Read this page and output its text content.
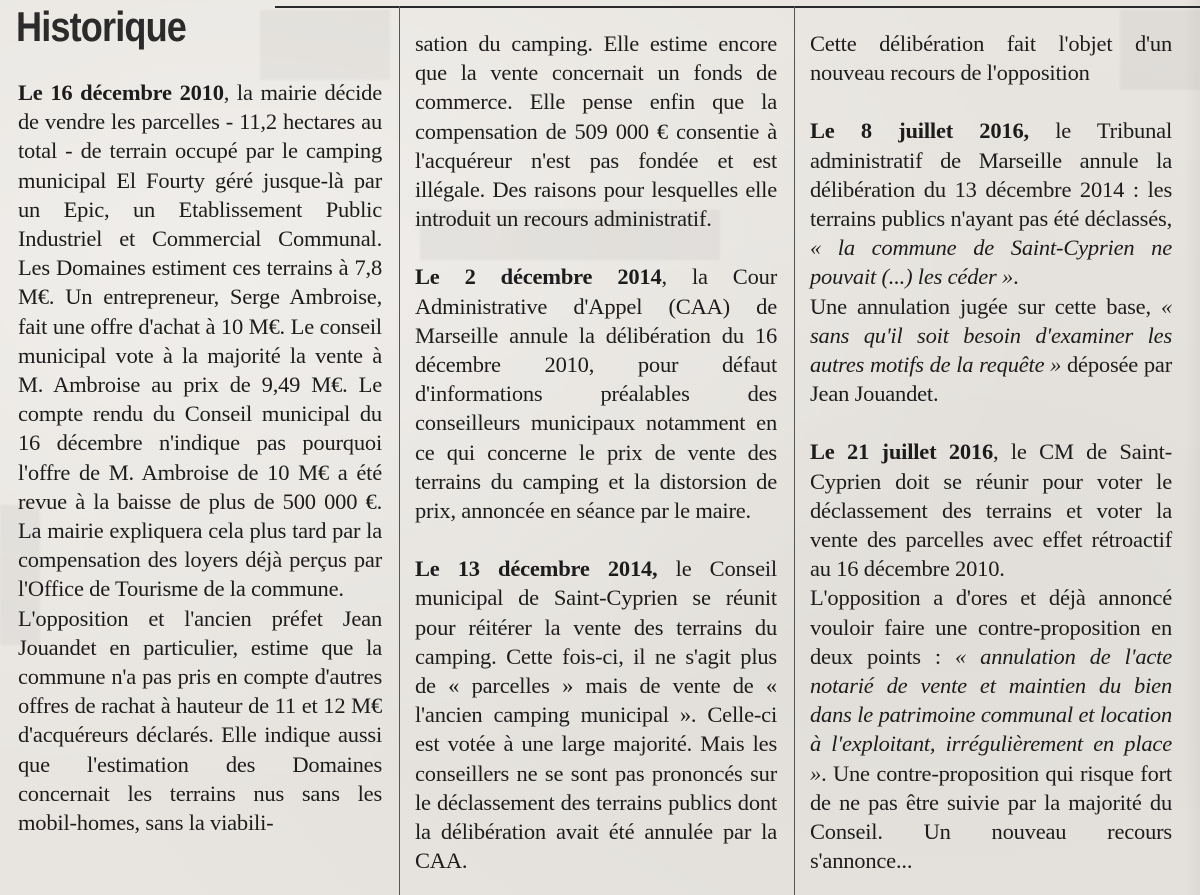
Historique

Le 16 décembre 2010, la mairie décide de vendre les parcelles - 11,2 hectares au total - de terrain occupé par le camping municipal El Fourty géré jusque-là par un Epic, un Etablissement Public Industriel et Commercial Communal. Les Domaines estiment ces terrains à 7,8 M€. Un entrepreneur, Serge Ambroise, fait une offre d'achat à 10 M€. Le conseil municipal vote à la majorité la vente à M. Ambroise au prix de 9,49 M€. Le compte rendu du Conseil municipal du 16 décembre n'indique pas pourquoi l'offre de M. Ambroise de 10 M€ a été revue à la baisse de plus de 500 000 €. La mairie expliquera cela plus tard par la compensation des loyers déjà perçus par l'Office de Tourisme de la commune.

L'opposition et l'ancien préfet Jean Jouandet en particulier, estime que la commune n'a pas pris en compte d'autres offres de rachat à hauteur de 11 et 12 M€ d'acquéreurs déclarés. Elle indique aussi que l'estimation des Domaines concernait les terrains nus sans les mobil-homes, sans la viabili-

sation du camping. Elle estime encore que la vente concernait un fonds de commerce. Elle pense enfin que la compensation de 509 000 € consentie à l'acquéreur n'est pas fondée et est illégale. Des raisons pour lesquelles elle introduit un recours administratif.

Le 2 décembre 2014, la Cour Administrative d'Appel (CAA) de Marseille annule la délibération du 16 décembre 2010, pour défaut d'informations préalables des conseilleurs municipaux notamment en ce qui concerne le prix de vente des terrains du camping et la distorsion de prix, annoncée en séance par le maire.

Le 13 décembre 2014, le Conseil municipal de Saint-Cyprien se réunit pour réitérer la vente des terrains du camping. Cette fois-ci, il ne s'agit plus de « parcelles » mais de vente de « l'ancien camping municipal ». Celle-ci est votée à une large majorité. Mais les conseillers ne se sont pas prononcés sur le déclassement des terrains publics dont la délibération avait été annulée par la CAA.

Cette délibération fait l'objet d'un nouveau recours de l'opposition

Le 8 juillet 2016, le Tribunal administratif de Marseille annule la délibération du 13 décembre 2014 : les terrains publics n'ayant pas été déclassés, « la commune de Saint-Cyprien ne pouvait (...) les céder ».

Une annulation jugée sur cette base, « sans qu'il soit besoin d'examiner les autres motifs de la requête » déposée par Jean Jouandet.

Le 21 juillet 2016, le CM de Saint-Cyprien doit se réunir pour voter le déclassement des terrains et voter la vente des parcelles avec effet rétroactif au 16 décembre 2010.

L'opposition a d'ores et déjà annoncé vouloir faire une contre-proposition en deux points : « annulation de l'acte notarié de vente et maintien du bien dans le patrimoine communal et location à l'exploitant, irrégulièrement en place ». Une contre-proposition qui risque fort de ne pas être suivie par la majorité du Conseil. Un nouveau recours s'annonce...
